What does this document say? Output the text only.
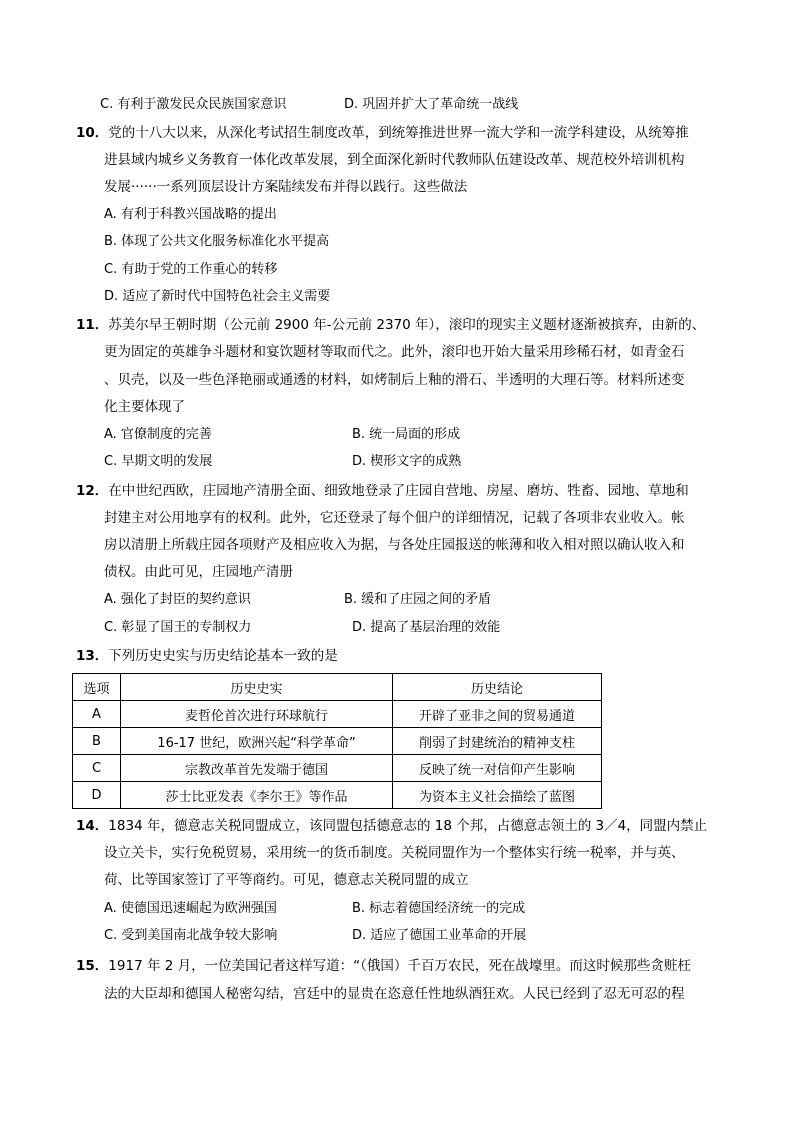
C. 有利于激发民众民族国家意识	D. 巩固并扩大了革命统一战线
10．党的十八大以来，从深化考试招生制度改革，到统筹推进世界一流大学和一流学科建设，从统筹推
进县域内城乡义务教育一体化改革发展，到全面深化新时代教师队伍建设改革、规范校外培训机构
发展······一系列顶层设计方案陆续发布并得以践行。这些做法
A. 有利于科教兴国战略的提出
B. 体现了公共文化服务标准化水平提高
C. 有助于党的工作重心的转移
D. 适应了新时代中国特色社会主义需要
11．苏美尔早王朝时期（公元前 2900 年-公元前 2370 年），滚印的现实主义题材逐渐被摈弃，由新的、
更为固定的英雄争斗题材和宴饮题材等取而代之。此外，滚印也开始大量采用珍稀石材，如青金石
、贝壳，以及一些色泽艳丽或通透的材料，如烤制后上釉的滑石、半透明的大理石等。材料所述变
化主要体现了
A. 官僚制度的完善	B. 统一局面的形成
C. 早期文明的发展	D. 楔形文字的成熟
12．在中世纪西欧，庄园地产清册全面、细致地登录了庄园自营地、房屋、磨坊、牲畜、园地、草地和
封建主对公用地享有的权利。此外，它还登录了每个佃户的详细情况，记载了各项非农业收入。帐
房以清册上所载庄园各项财产及相应收入为据，与各处庄园报送的帐薄和收入相对照以确认收入和
债权。由此可见，庄园地产清册
A. 强化了封臣的契约意识	B. 缓和了庄园之间的矛盾
C. 彰显了国王的专制权力	D. 提高了基层治理的效能
13．下列历史史实与历史结论基本一致的是
选项	历史史实	历史结论
A	麦哲伦首次进行环球航行	开辟了亚非之间的贸易通道
B	16-17 世纪，欧洲兴起“科学革命”	削弱了封建统治的精神支柱
C	宗教改革首先发端于德国	反映了统一对信仰产生影响
D	莎士比亚发表《李尔王》等作品	为资本主义社会描绘了蓝图
14．1834 年，德意志关税同盟成立，该同盟包括德意志的 18 个邦，占德意志领土的 3／4，同盟内禁止
设立关卡，实行免税贸易，采用统一的货币制度。关税同盟作为一个整体实行统一税率，并与英、
荷、比等国家签订了平等商约。可见，德意志关税同盟的成立
A. 使德国迅速崛起为欧洲强国	B. 标志着德国经济统一的完成
C. 受到美国南北战争较大影响	D. 适应了德国工业革命的开展
15．1917 年 2 月，一位美国记者这样写道：“（俄国）千百万农民，死在战壕里。而这时候那些贪赃枉
法的大臣却和德国人秘密勾结，宫廷中的显贵在恣意任性地纵酒狂欢。人民已经到了忍无可忍的程
